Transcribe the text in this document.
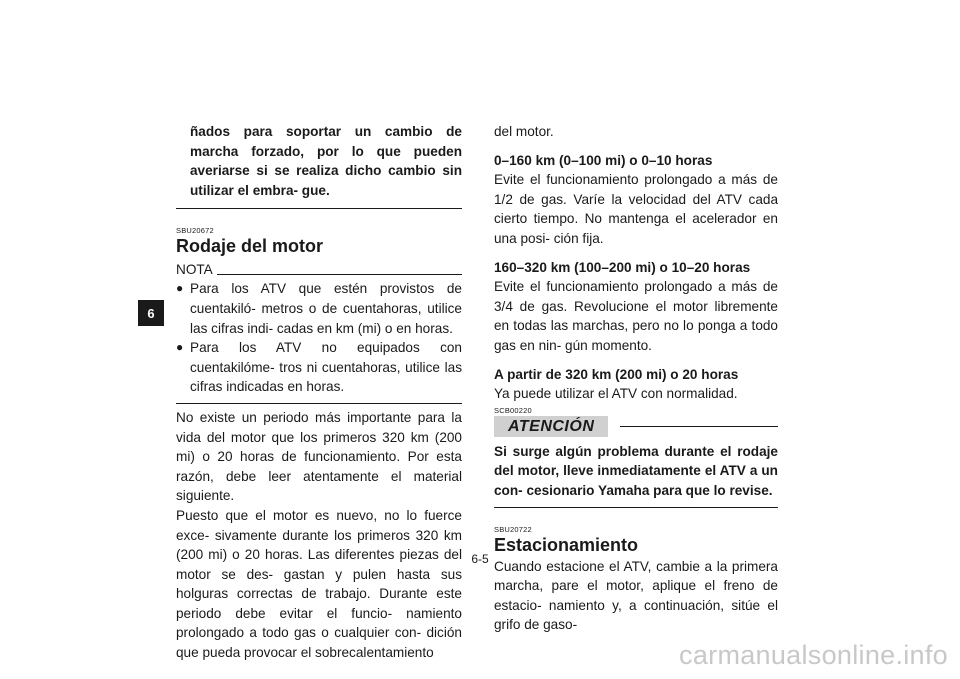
6
ñados para soportar un cambio de marcha forzado, por lo que pueden averiarse si se realiza dicho cambio sin utilizar el embra- gue.
SBU20672
Rodaje del motor
NOTA
● Para los ATV que estén provistos de cuentakiló- metros o de cuentahoras, utilice las cifras indi- cadas en km (mi) o en horas.
● Para los ATV no equipados con cuentakilóme- tros ni cuentahoras, utilice las cifras indicadas en horas.
No existe un periodo más importante para la vida del motor que los primeros 320 km (200 mi) o 20 horas de funcionamiento. Por esta razón, debe leer atentamente el material siguiente.
Puesto que el motor es nuevo, no lo fuerce exce- sivamente durante los primeros 320 km (200 mi) o 20 horas. Las diferentes piezas del motor se des- gastan y pulen hasta sus holguras correctas de trabajo. Durante este periodo debe evitar el funcio- namiento prolongado a todo gas o cualquier con- dición que pueda provocar el sobrecalentamiento
del motor.
0–160 km (0–100 mi) o 0–10 horas
Evite el funcionamiento prolongado a más de 1/2 de gas. Varíe la velocidad del ATV cada cierto tiempo. No mantenga el acelerador en una posi- ción fija.
160–320 km (100–200 mi) o 10–20 horas
Evite el funcionamiento prolongado a más de 3/4 de gas. Revolucione el motor libremente en todas las marchas, pero no lo ponga a todo gas en nin- gún momento.
A partir de 320 km (200 mi) o 20 horas
Ya puede utilizar el ATV con normalidad.
SCB00220
ATENCIÓN
Si surge algún problema durante el rodaje del motor, lleve inmediatamente el ATV a un con- cesionario Yamaha para que lo revise.
SBU20722
Estacionamiento
Cuando estacione el ATV, cambie a la primera marcha, pare el motor, aplique el freno de estacio- namiento y, a continuación, sitúe el grifo de gaso-
6-5
carmanualsonline.info
